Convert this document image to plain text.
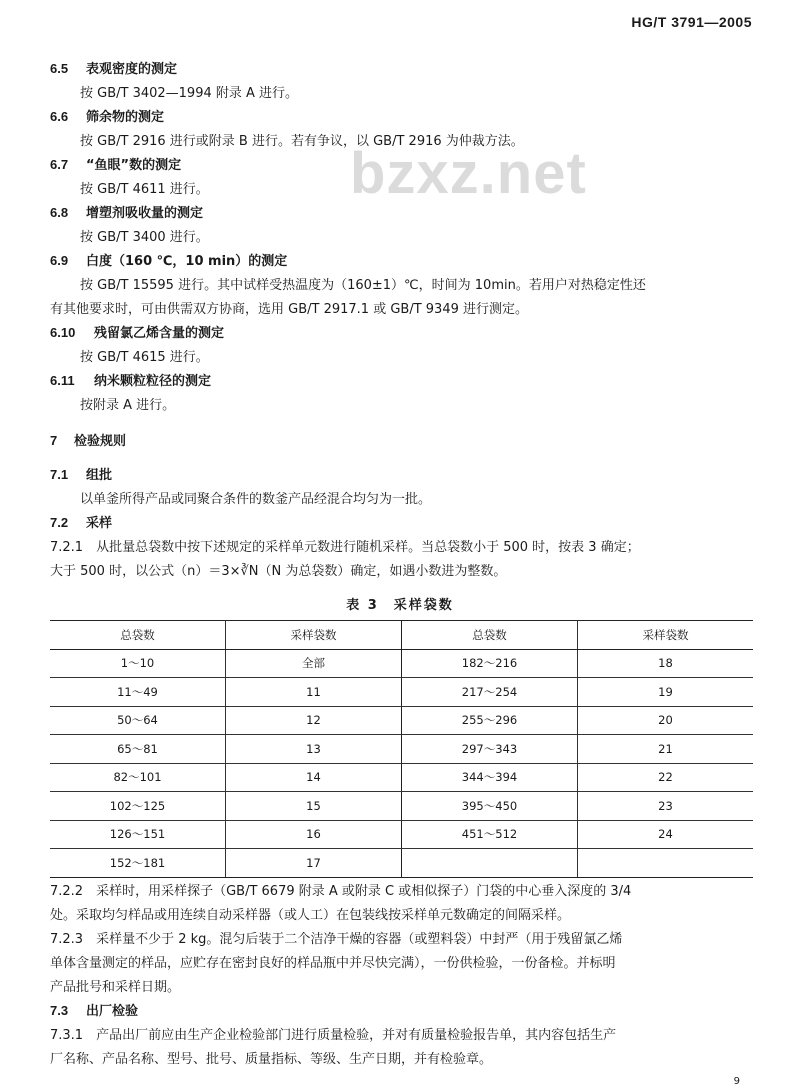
HG/T 3791—2005
bzxz.net
6.5 表观密度的测定
按 GB/T 3402—1994 附录 A 进行。
6.6 筛余物的测定
按 GB/T 2916 进行或附录 B 进行。若有争议，以 GB/T 2916 为仲裁方法。
6.7 “鱼眼”数的测定
按 GB/T 4611 进行。
6.8 增塑剂吸收量的测定
按 GB/T 3400 进行。
6.9 白度（160 ℃，10 min）的测定
按 GB/T 15595 进行。其中试样受热温度为（160±1）℃，时间为 10min。若用户对热稳定性还
有其他要求时，可由供需双方协商，选用 GB/T 2917.1 或 GB/T 9349 进行测定。
6.10 残留氯乙烯含量的测定
按 GB/T 4615 进行。
6.11 纳米颗粒粒径的测定
按附录 A 进行。
7 检验规则
7.1 组批
以单釜所得产品或同聚合条件的数釜产品经混合均匀为一批。
7.2 采样
7.2.1　从批量总袋数中按下述规定的采样单元数进行随机采样。当总袋数小于 500 时，按表 3 确定；
大于 500 时，以公式（n）＝3×∛N（N 为总袋数）确定，如遇小数进为整数。
表 3　采样袋数
总袋数	采样袋数	总袋数	采样袋数
1～10	全部	182～216	18
11～49	11	217～254	19
50～64	12	255～296	20
65～81	13	297～343	21
82～101	14	344～394	22
102～125	15	395～450	23
126～151	16	451～512	24
152～181	17		
7.2.2　采样时，用采样探子（GB/T 6679 附录 A 或附录 C 或相似探子）门袋的中心垂入深度的 3/4
处。采取均匀样品或用连续自动采样器（或人工）在包装线按采样单元数确定的间隔采样。
7.2.3　采样量不少于 2 kg。混匀后装于二个洁净干燥的容器（或塑料袋）中封严（用于残留氯乙烯
单体含量测定的样品，应贮存在密封良好的样品瓶中并尽快完满），一份供检验，一份备检。并标明
产品批号和采样日期。
7.3 出厂检验
7.3.1　产品出厂前应由生产企业检验部门进行质量检验，并对有质量检验报告单，其内容包括生产
厂名称、产品名称、型号、批号、质量指标、等级、生产日期，并有检验章。
9
